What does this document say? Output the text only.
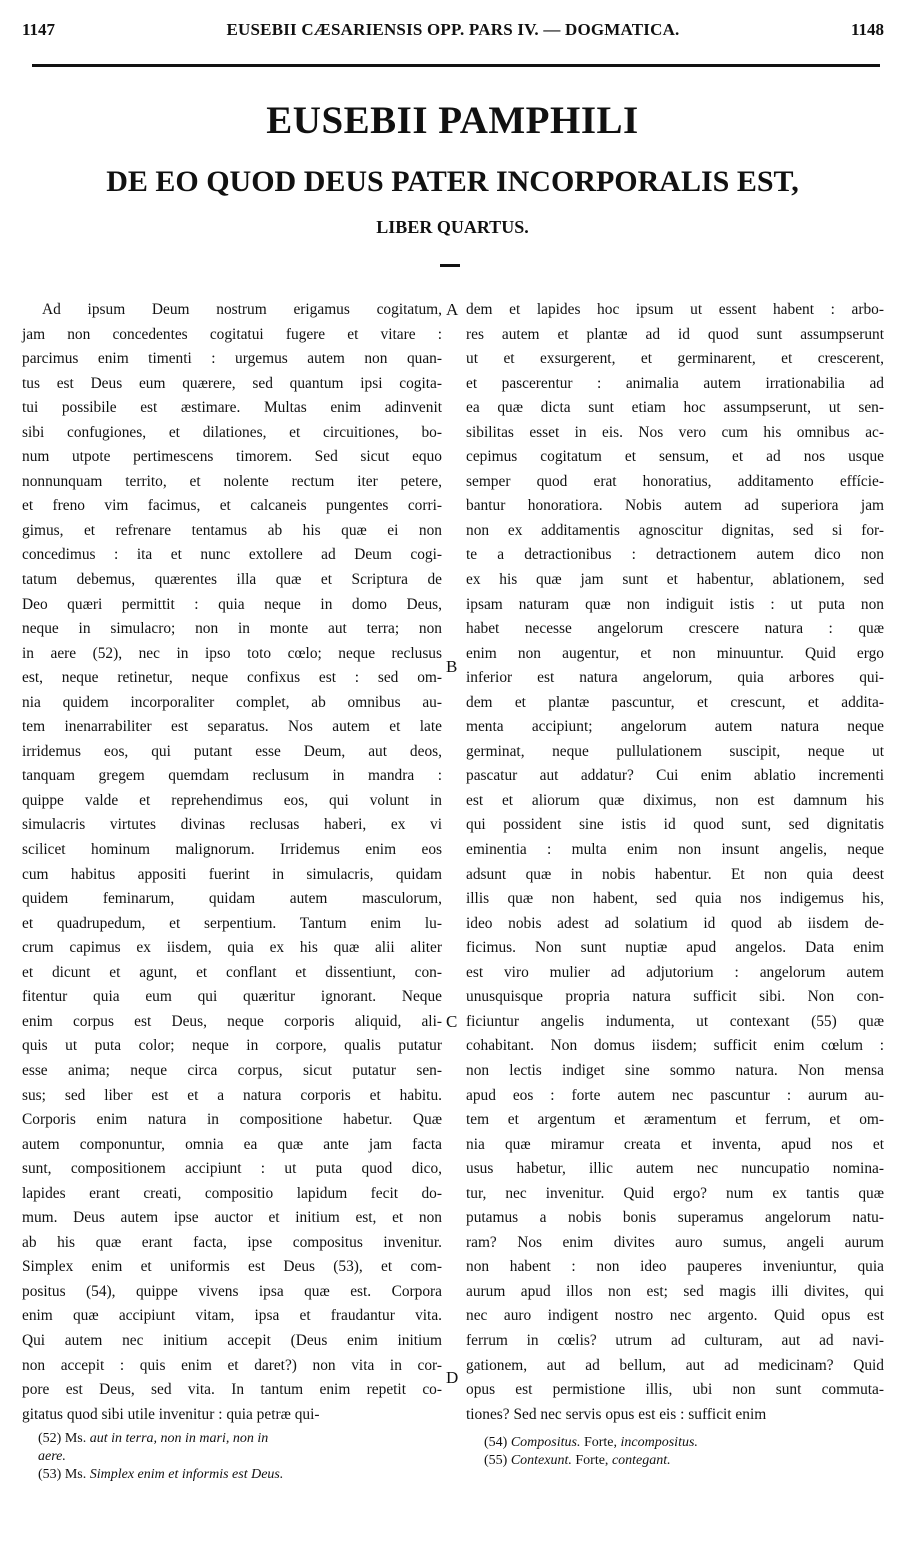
1147	EUSEBII CÆSARIENSIS OPP. PARS IV. — DOGMATICA.	1148
EUSEBII PAMPHILI
DE EO QUOD DEUS PATER INCORPORALIS EST,
LIBER QUARTUS.
Ad ipsum Deum nostrum erigamus cogitatum,
jam non concedentes cogitatui fugere et vitare :
parcimus enim timenti : urgemus autem non quan-
tus est Deus eum quærere, sed quantum ipsi cogita-
tui possibile est æstimare. Multas enim adinvenit
sibi confugiones, et dilationes, et circuitiones, bo-
num utpote pertimescens timorem. Sed sicut equo
nonnunquam territo, et nolente rectum iter petere,
et freno vim facimus, et calcaneis pungentes corri-
gimus, et refrenare tentamus ab his quæ ei non
concedimus : ita et nunc extollere ad Deum cogi-
tatum debemus, quærentes illa quæ et Scriptura de
Deo quæri permittit : quia neque in domo Deus,
neque in simulacro; non in monte aut terra; non
in aere (52), nec in ipso toto cœlo; neque reclusus
est, neque retinetur, neque confixus est : sed om-
nia quidem incorporaliter complet, ab omnibus au-
tem inenarrabiliter est separatus. Nos autem et late
irridemus eos, qui putant esse Deum, aut deos,
tanquam gregem quemdam reclusum in mandra :
quippe valde et reprehendimus eos, qui volunt in
simulacris virtutes divinas reclusas haberi, ex vi
scilicet hominum malignorum. Irridemus enim eos
cum habitus appositi fuerint in simulacris, quidam
quidem feminarum, quidam autem masculorum,
et quadrupedum, et serpentium. Tantum enim lu-
crum capimus ex iisdem, quia ex his quæ alii aliter
et dicunt et agunt, et conflant et dissentiunt, con-
fitentur quia eum qui quæritur ignorant. Neque
enim corpus est Deus, neque corporis aliquid, ali-
quis ut puta color; neque in corpore, qualis putatur
esse anima; neque circa corpus, sicut putatur sen-
sus; sed liber est et a natura corporis et habitu.
Corporis enim natura in compositione habetur. Quæ
autem componuntur, omnia ea quæ ante jam facta
sunt, compositionem accipiunt : ut puta quod dico,
lapides erant creati, compositio lapidum fecit do-
mum. Deus autem ipse auctor et initium est, et non
ab his quæ erant facta, ipse compositus invenitur.
Simplex enim et uniformis est Deus (53), et com-
positus (54), quippe vivens ipsa quæ est. Corpora
enim quæ accipiunt vitam, ipsa et fraudantur vita.
Qui autem nec initium accepit (Deus enim initium
non accepit : quis enim et daret?) non vita in cor-
pore est Deus, sed vita. In tantum enim repetit co-
gitatus quod sibi utile invenitur : quia petræ qui-
dem et lapides hoc ipsum ut essent habent : arbo-
res autem et plantæ ad id quod sunt assumpserunt
ut et exsurgerent, et germinarent, et crescerent,
et pascerentur : animalia autem irrationabilia ad
ea quæ dicta sunt etiam hoc assumpserunt, ut sen-
sibilitas esset in eis. Nos vero cum his omnibus ac-
cepimus cogitatum et sensum, et ad nos usque
semper quod erat honoratius, additamento effície-
bantur honoratiora. Nobis autem ad superiora jam
non ex additamentis agnoscitur dignitas, sed si for-
te a detractionibus : detractionem autem dico non
ex his quæ jam sunt et habentur, ablationem, sed
ipsam naturam quæ non indiguit istis : ut puta non
habet necesse angelorum crescere natura : quæ
enim non augentur, et non minuuntur. Quid ergo
inferior est natura angelorum, quia arbores qui-
dem et plantæ pascuntur, et crescunt, et addita-
menta accipiunt; angelorum autem natura neque
germinat, neque pullulationem suscipit, neque ut
pascatur aut addatur? Cui enim ablatio incrementi
est et aliorum quæ diximus, non est damnum his
qui possident sine istis id quod sunt, sed dignitatis
eminentia : multa enim non insunt angelis, neque
adsunt quæ in nobis habentur. Et non quia deest
illis quæ non habent, sed quia nos indigemus his,
ideo nobis adest ad solatium id quod ab iisdem de-
ficimus. Non sunt nuptiæ apud angelos. Data enim
est viro mulier ad adjutorium : angelorum autem
unusquisque propria natura sufficit sibi. Non con-
ficiuntur angelis indumenta, ut contexant (55) quæ
cohabitant. Non domus iisdem; sufficit enim cœlum :
non lectis indiget sine sommo natura. Non mensa
apud eos : forte autem nec pascuntur : aurum au-
tem et argentum et æramentum et ferrum, et om-
nia quæ miramur creata et inventa, apud nos et
usus habetur, illic autem nec nuncupatio nomina-
tur, nec invenitur. Quid ergo? num ex tantis quæ
putamus a nobis bonis superamus angelorum natu-
ram? Nos enim divites auro sumus, angeli aurum
non habent : non ideo pauperes inveniuntur, quia
aurum apud illos non est; sed magis illi divites, qui
nec auro indigent nostro nec argento. Quid opus est
ferrum in cœlis? utrum ad culturam, aut ad navi-
gationem, aut ad bellum, aut ad medicinam? Quid
opus est permistione illis, ubi non sunt commuta-
tiones? Sed nec servis opus est eis : sufficit enim
A
B
C
D
(52) Ms. aut in terra, non in mari, non in
aere.
(53) Ms. Simplex enim et informis est Deus.
(54) Compositus. Forte, incompositus.
(55) Contexunt. Forte, contegant.
